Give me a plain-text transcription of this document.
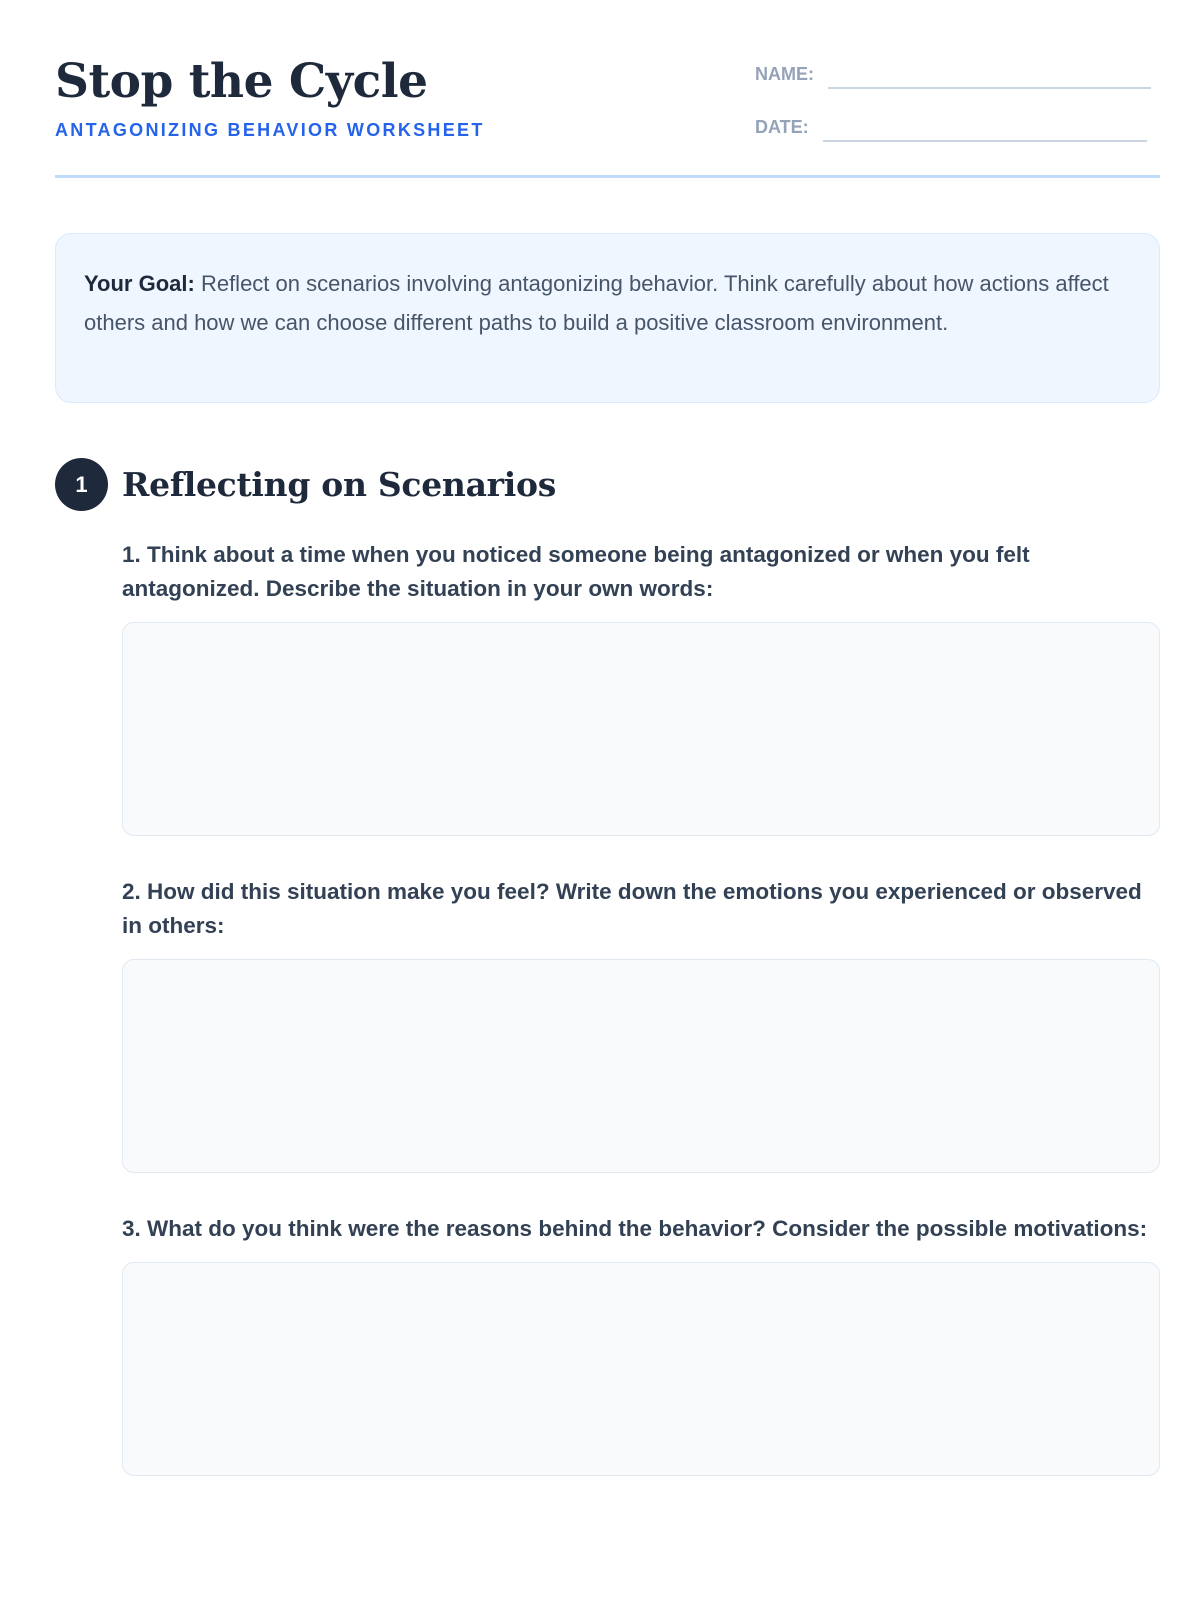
Stop the Cycle
ANTAGONIZING BEHAVIOR WORKSHEET
NAME:
DATE:
Your Goal: Reflect on scenarios involving antagonizing behavior. Think carefully about how actions affect others and how we can choose different paths to build a positive classroom environment.
1	Reflecting on Scenarios
1. Think about a time when you noticed someone being antagonized or when you felt antagonized. Describe the situation in your own words:
2. How did this situation make you feel? Write down the emotions you experienced or observed in others:
3. What do you think were the reasons behind the behavior? Consider the possible motivations:
